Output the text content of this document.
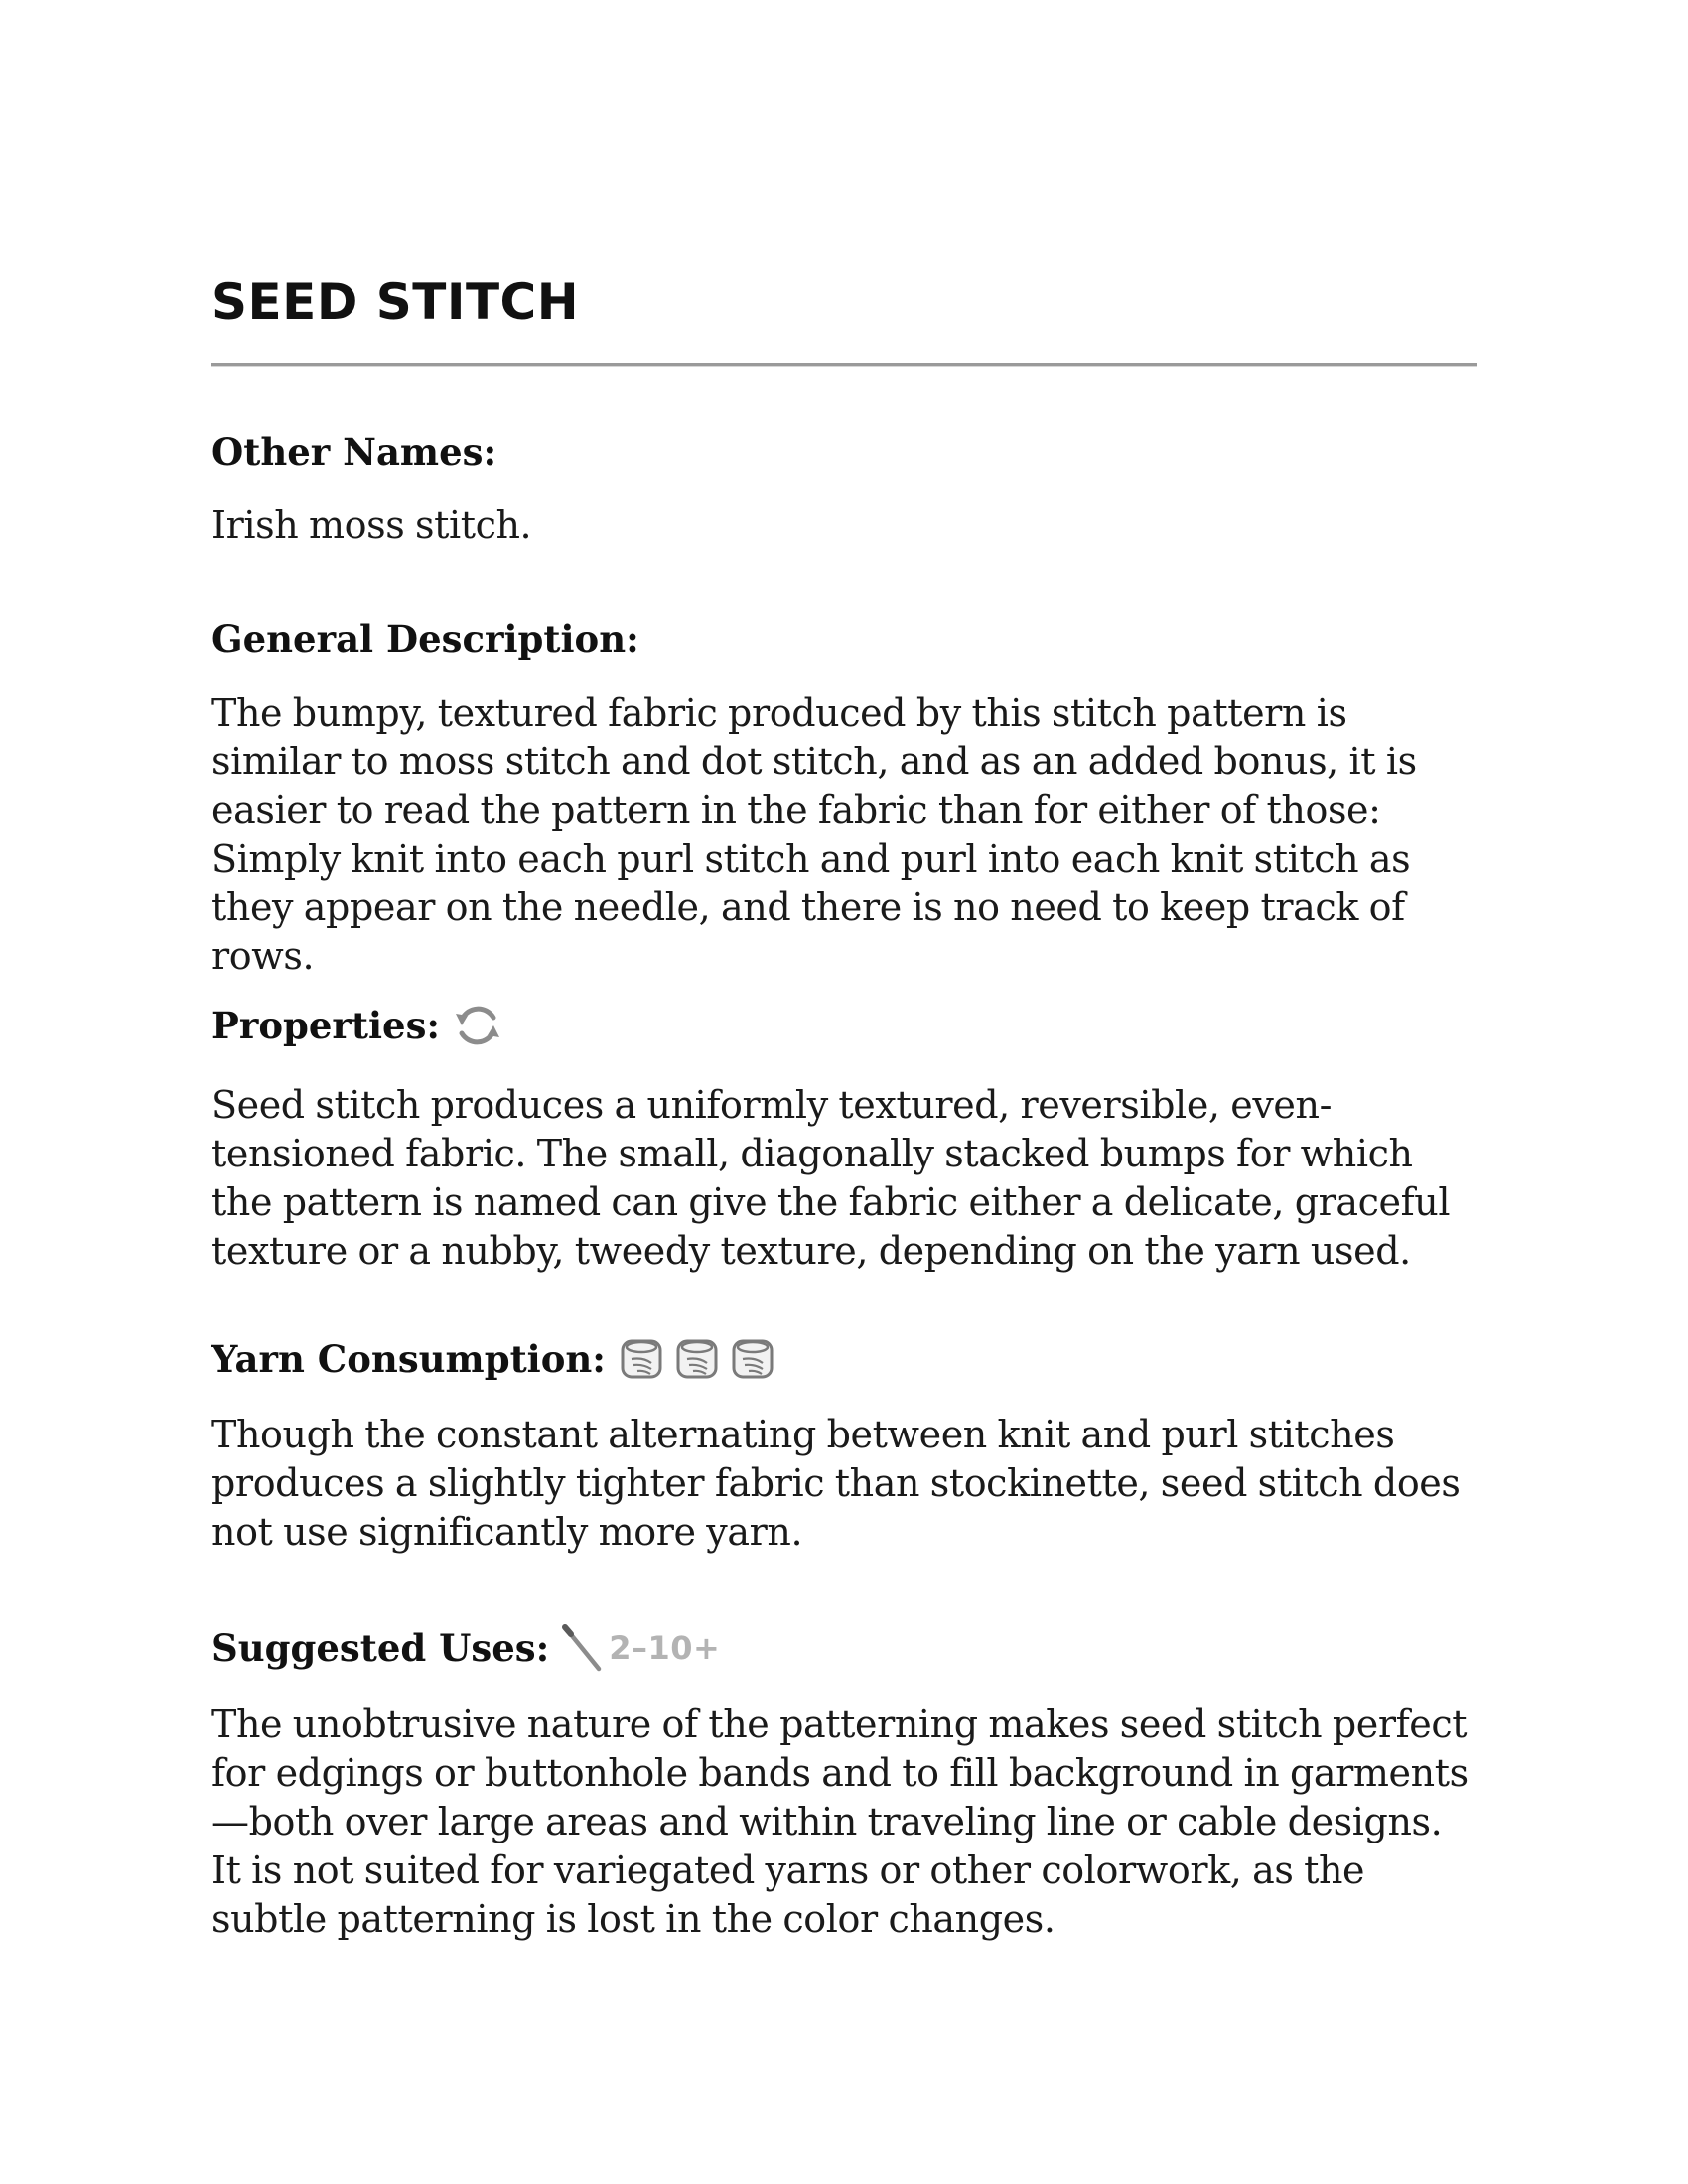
SEED STITCH
Other Names:

Irish moss stitch.

General Description:

The bumpy, textured fabric produced by this stitch pattern is similar to moss stitch and dot stitch, and as an added bonus, it is easier to read the pattern in the fabric than for either of those: Simply knit into each purl stitch and purl into each knit stitch as they appear on the needle, and there is no need to keep track of rows.

Properties:

Seed stitch produces a uniformly textured, reversible, even-tensioned fabric. The small, diagonally stacked bumps for which the pattern is named can give the fabric either a delicate, graceful texture or a nubby, tweedy texture, depending on the yarn used.

Yarn Consumption:

Though the constant alternating between knit and purl stitches produces a slightly tighter fabric than stockinette, seed stitch does not use significantly more yarn.

Suggested Uses: 2–10+

The unobtrusive nature of the patterning makes seed stitch perfect for edgings or buttonhole bands and to fill background in garments—both over large areas and within traveling line or cable designs. It is not suited for variegated yarns or other colorwork, as the subtle patterning is lost in the color changes.
